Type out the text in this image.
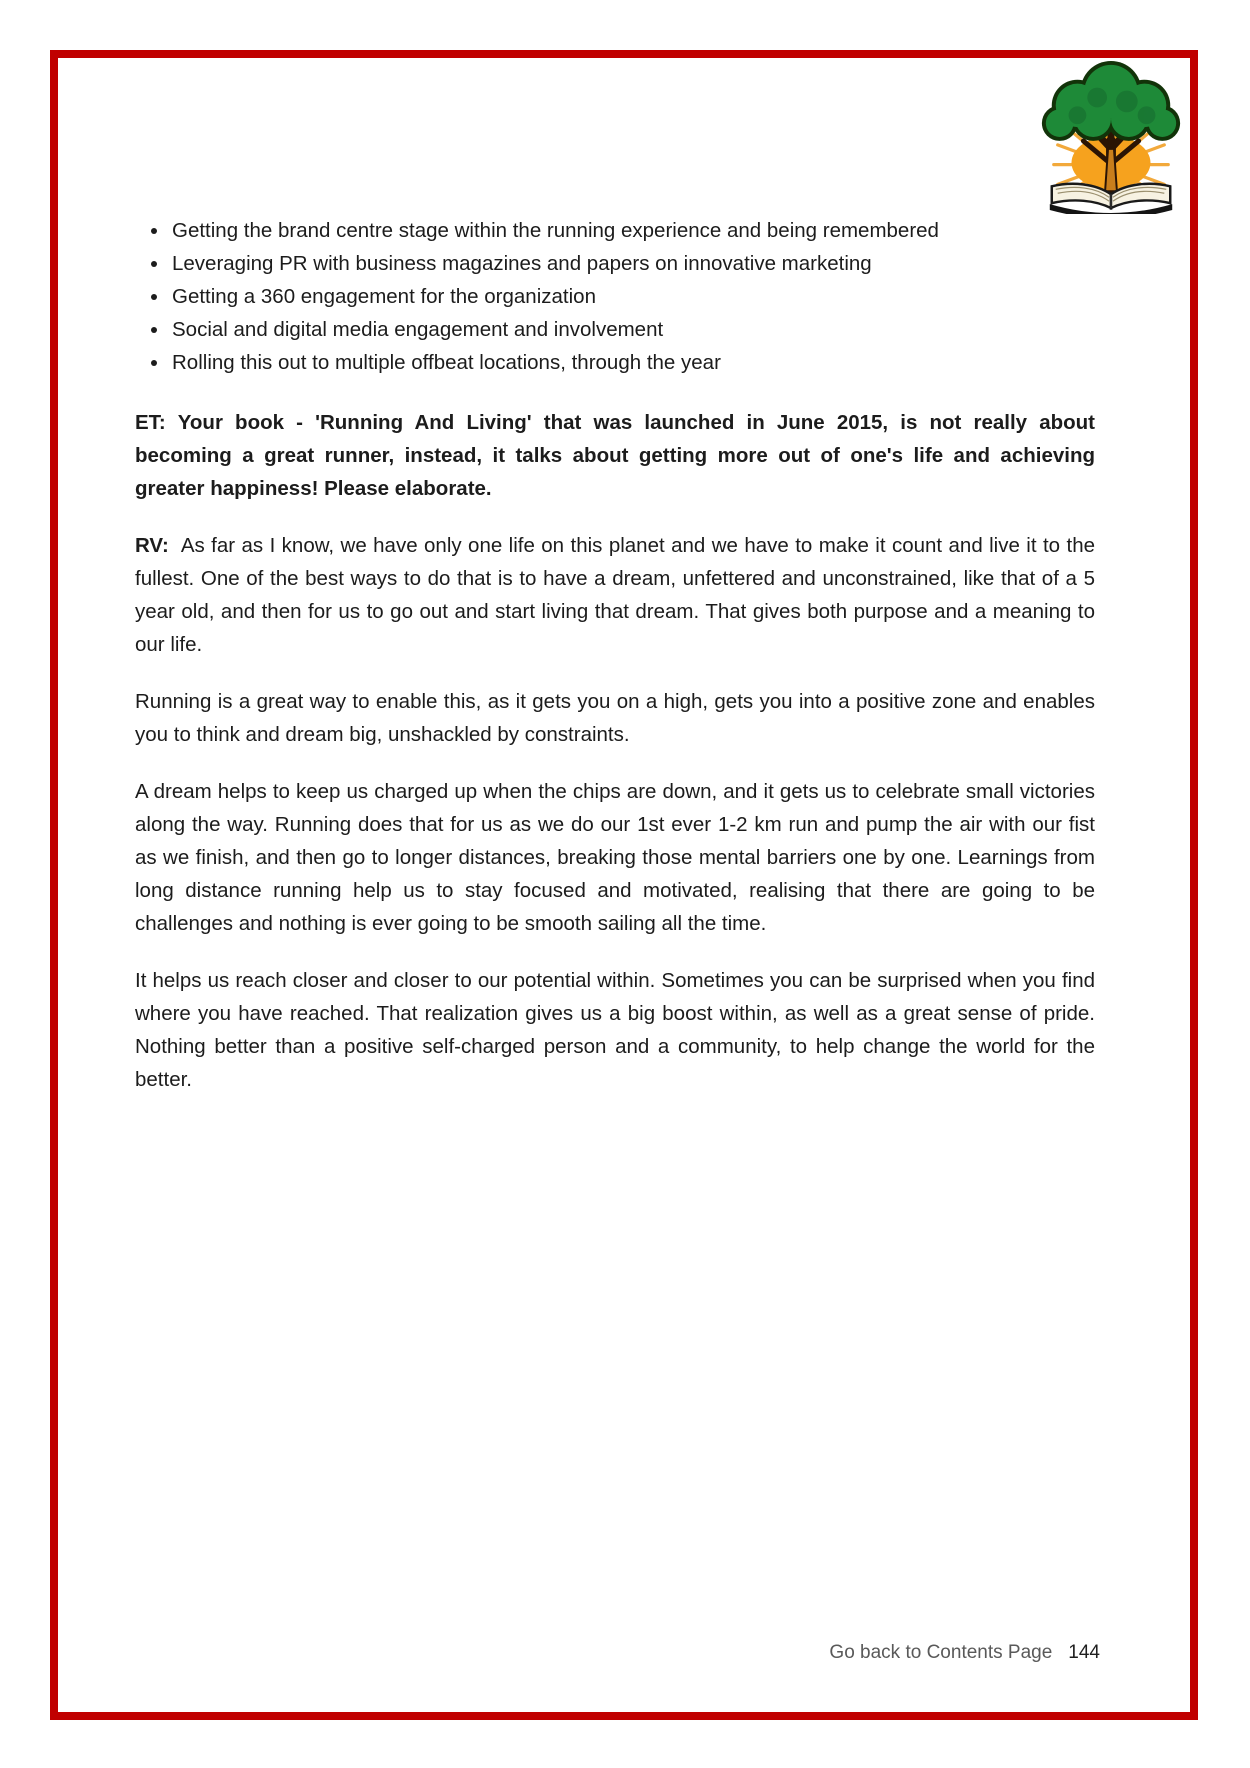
• Getting the brand centre stage within the running experience and being remembered
• Leveraging PR with business magazines and papers on innovative marketing
• Getting a 360 engagement for the organization
• Social and digital media engagement and involvement
• Rolling this out to multiple offbeat locations, through the year

ET: Your book - 'Running And Living' that was launched in June 2015, is not really about becoming a great runner, instead, it talks about getting more out of one's life and achieving greater happiness! Please elaborate.

RV: As far as I know, we have only one life on this planet and we have to make it count and live it to the fullest. One of the best ways to do that is to have a dream, unfettered and unconstrained, like that of a 5 year old, and then for us to go out and start living that dream. That gives both purpose and a meaning to our life.

Running is a great way to enable this, as it gets you on a high, gets you into a positive zone and enables you to think and dream big, unshackled by constraints.

A dream helps to keep us charged up when the chips are down, and it gets us to celebrate small victories along the way. Running does that for us as we do our 1st ever 1-2 km run and pump the air with our fist as we finish, and then go to longer distances, breaking those mental barriers one by one. Learnings from long distance running help us to stay focused and motivated, realising that there are going to be challenges and nothing is ever going to be smooth sailing all the time.

It helps us reach closer and closer to our potential within. Sometimes you can be surprised when you find where you have reached. That realization gives us a big boost within, as well as a great sense of pride. Nothing better than a positive self-charged person and a community, to help change the world for the better.

Go back to Contents Page 144
